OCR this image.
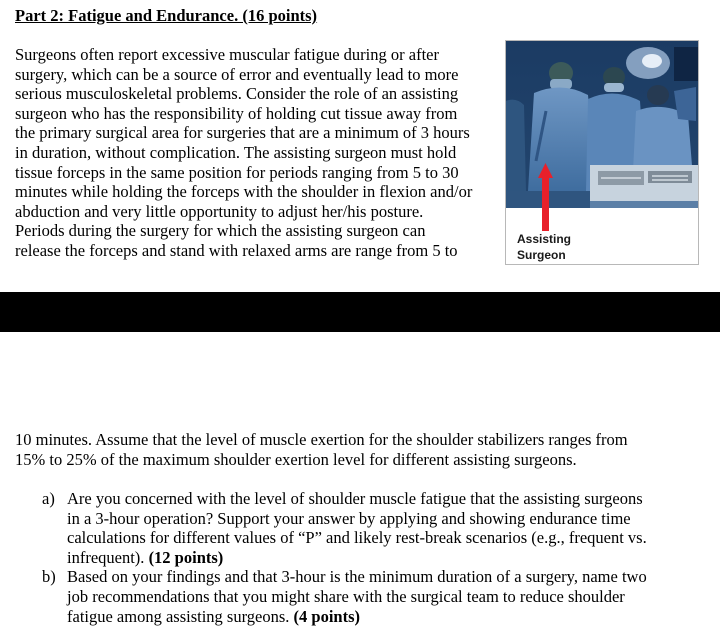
Part 2: Fatigue and Endurance. (16 points)
Surgeons often report excessive muscular fatigue during or after
surgery, which can be a source of error and eventually lead to more
serious musculoskeletal problems. Consider the role of an assisting
surgeon who has the responsibility of holding cut tissue away from
the primary surgical area for surgeries that are a minimum of 3 hours
in duration, without complication. The assisting surgeon must hold
tissue forceps in the same position for periods ranging from 5 to 30
minutes while holding the forceps with the shoulder in flexion and/or
abduction and very little opportunity to adjust her/his posture.
Periods during the surgery for which the assisting surgeon can
release the forceps and stand with relaxed arms are range from 5 to
Assisting
Surgeon
10 minutes. Assume that the level of muscle exertion for the shoulder stabilizers ranges from
15% to 25% of the maximum shoulder exertion level for different assisting surgeons.
a) Are you concerned with the level of shoulder muscle fatigue that the assisting surgeons
in a 3-hour operation? Support your answer by applying and showing endurance time
calculations for different values of “P” and likely rest-break scenarios (e.g., frequent vs.
infrequent). (12 points)
b) Based on your findings and that 3-hour is the minimum duration of a surgery, name two
job recommendations that you might share with the surgical team to reduce shoulder
fatigue among assisting surgeons. (4 points)
